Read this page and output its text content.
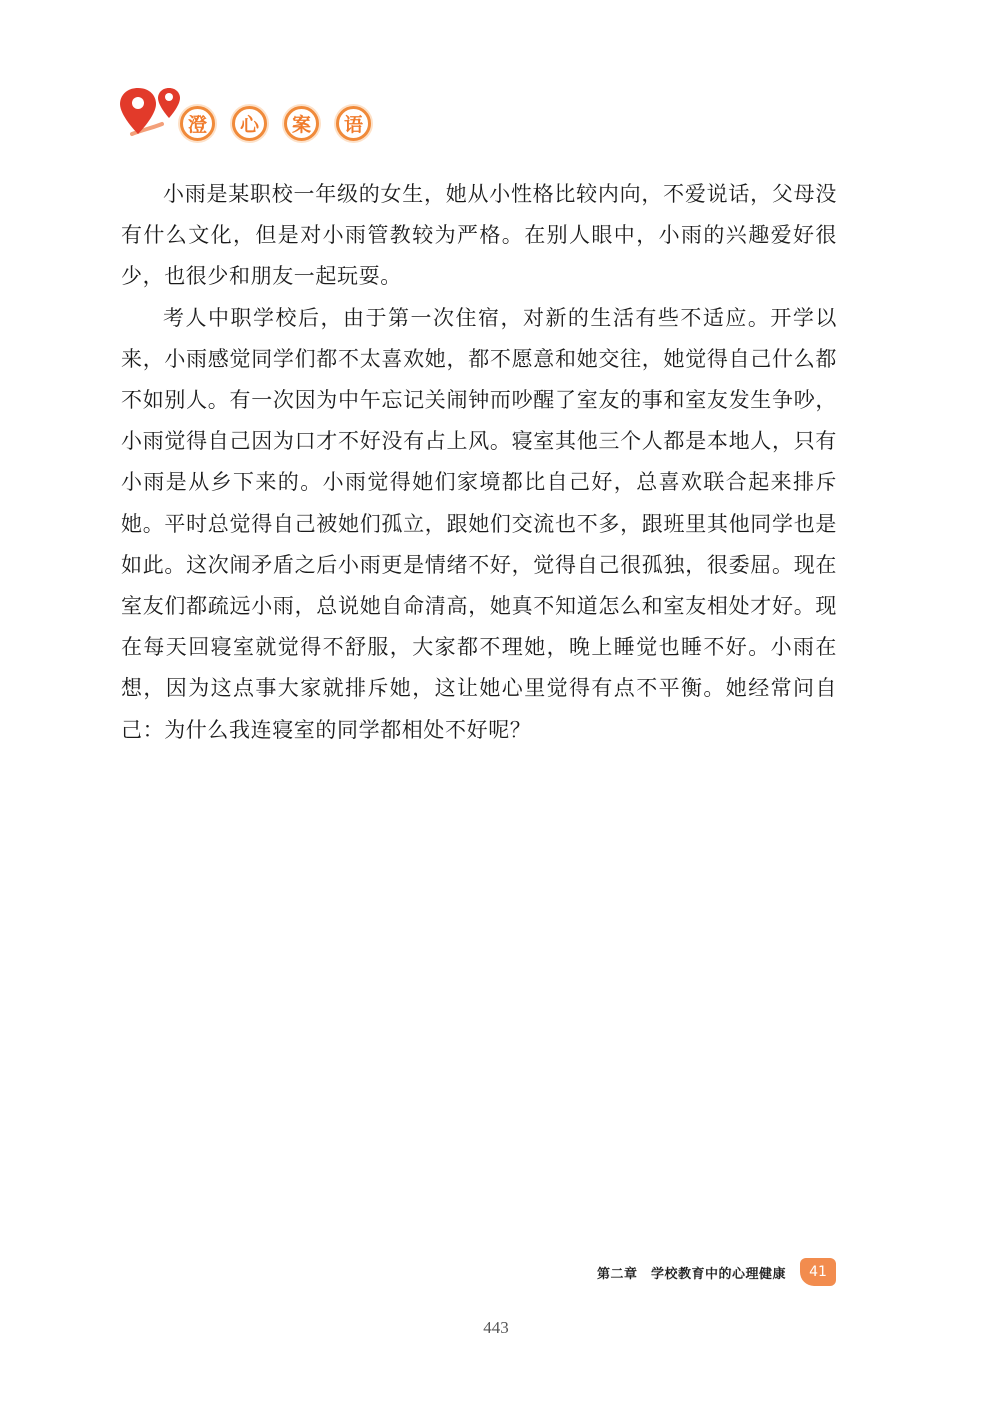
澄	心	案	语

小雨是某职校一年级的女生，她从小性格比较内向，不爱说话，父母没有什么文化，但是对小雨管教较为严格。在别人眼中，小雨的兴趣爱好很少，也很少和朋友一起玩耍。

考人中职学校后，由于第一次住宿，对新的生活有些不适应。开学以来，小雨感觉同学们都不太喜欢她，都不愿意和她交往，她觉得自己什么都不如别人。有一次因为中午忘记关闹钟而吵醒了室友的事和室友发生争吵，小雨觉得自己因为口才不好没有占上风。寝室其他三个人都是本地人，只有小雨是从乡下来的。小雨觉得她们家境都比自己好，总喜欢联合起来排斥她。平时总觉得自己被她们孤立，跟她们交流也不多，跟班里其他同学也是如此。这次闹矛盾之后小雨更是情绪不好，觉得自己很孤独，很委屈。现在室友们都疏远小雨，总说她自命清高，她真不知道怎么和室友相处才好。现在每天回寝室就觉得不舒服，大家都不理她，晚上睡觉也睡不好。小雨在想，因为这点事大家就排斥她，这让她心里觉得有点不平衡。她经常问自己：为什么我连寝室的同学都相处不好呢？

第二章　学校教育中的心理健康	41
443
